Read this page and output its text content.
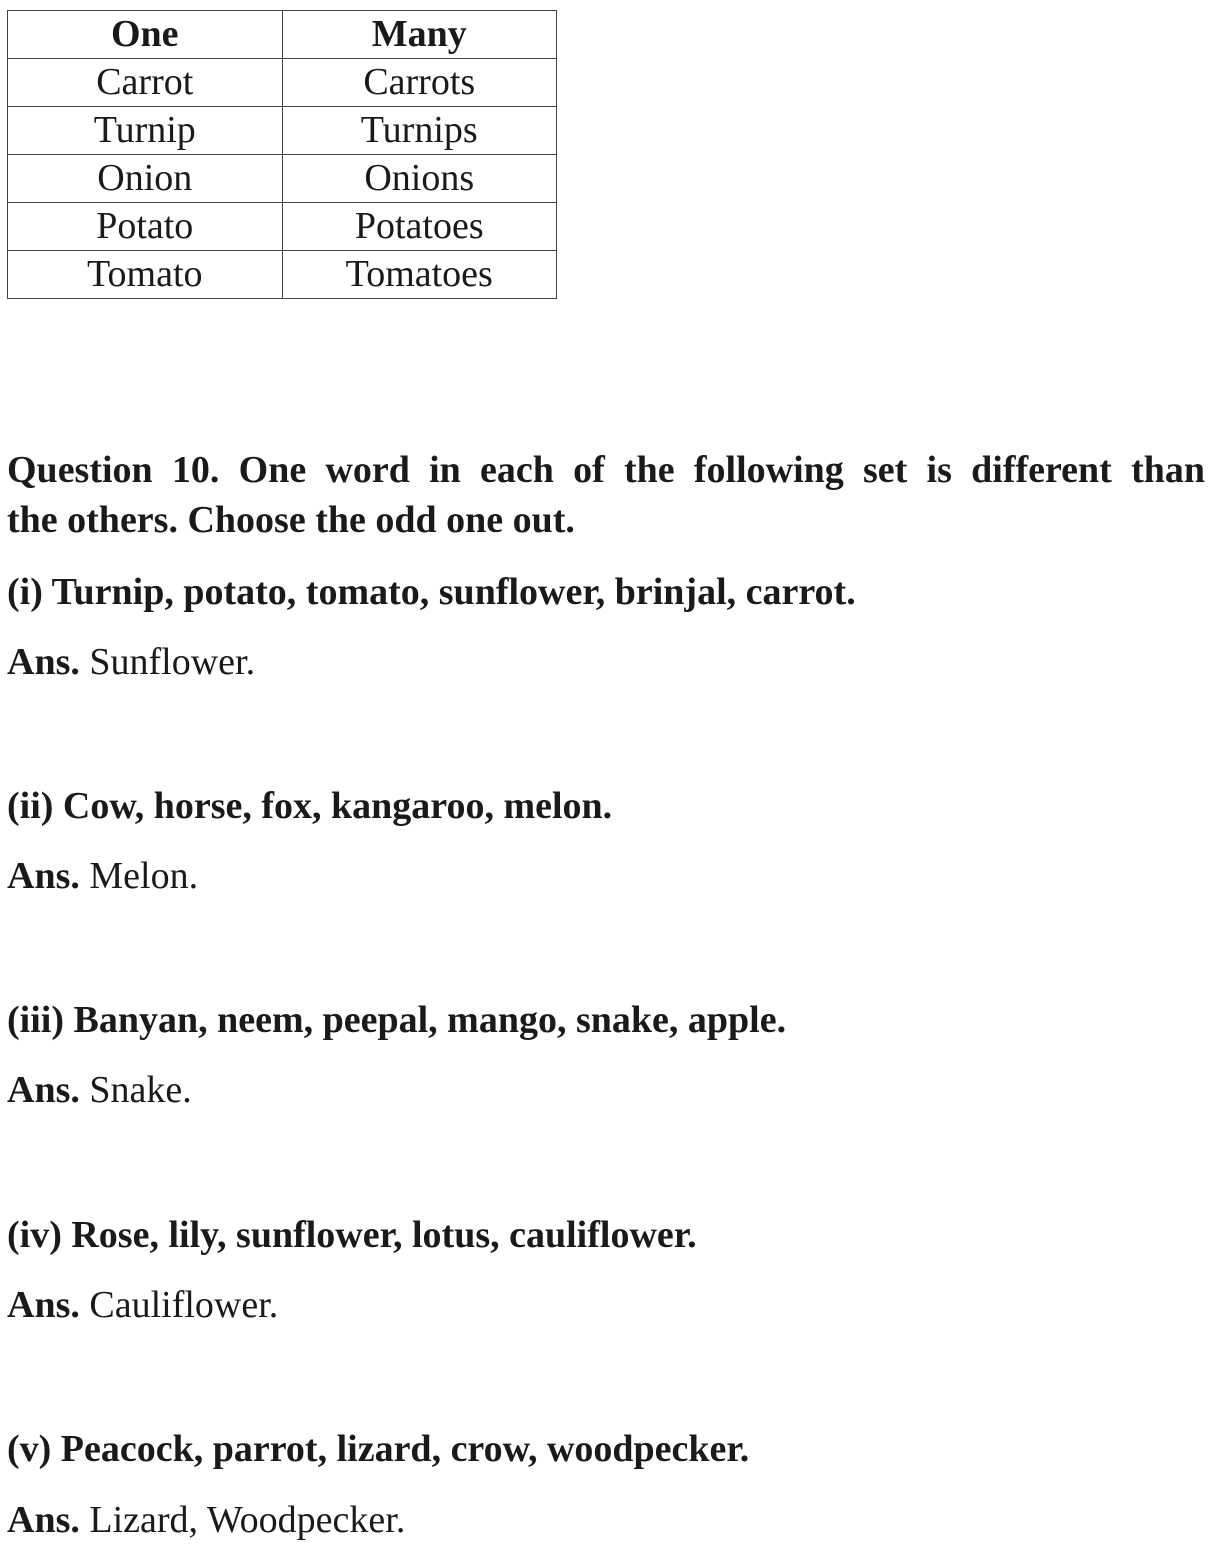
One	Many
Carrot	Carrots
Turnip	Turnips
Onion	Onions
Potato	Potatoes
Tomato	Tomatoes
Question 10. One word in each of the following set is different than
the others. Choose the odd one out.
(i) Turnip, potato, tomato, sunflower, brinjal, carrot.
Ans. Sunflower.
(ii) Cow, horse, fox, kangaroo, melon.
Ans. Melon.
(iii) Banyan, neem, peepal, mango, snake, apple.
Ans. Snake.
(iv) Rose, lily, sunflower, lotus, cauliflower.
Ans. Cauliflower.
(v) Peacock, parrot, lizard, crow, woodpecker.
Ans. Lizard, Woodpecker.
